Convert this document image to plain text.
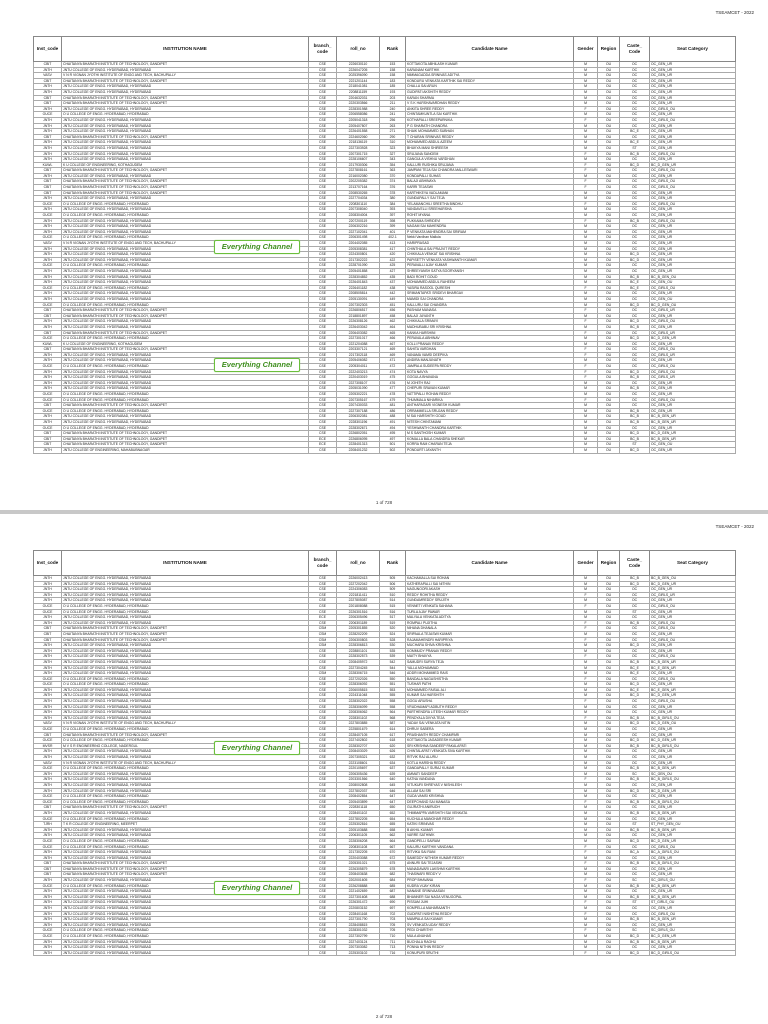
TSEAMCET - 2022
Inst_code	INSTITUTION NAME	branch_
code	roll_no	Rank	Candidate Name	Gender	Region	Caste_
Code	Seat Category
CBIT	CHAITANYA BHARATHI INSTITUTE OF TECHNOLOGY, GANDIPET	CSE	2226030110	153	KOTTAKOTA ABHILASH KUMAR	M	OU	OC	OC_GEN_UR
JNTH	JNTU COLLEGE OF ENGG. HYDERABAD, HYDERABAD	CSE	2226047205	158	KARANAM KARTHIK	M	OU	OC	OC_GEN_UR
VASV	V N R VIGNAN JYOTHI INSTITUTE OF ENGG AND TECH, BACHUPALLY	CSE	2025396090	158	NIMMAGADDA SRINIVAS ADITYA	M	OU	OC	OC_GEN_UR
CBIT	CHAITANYA BHARATHI INSTITUTE OF TECHNOLOGY, GANDIPET	CSE	2221201144	183	KONDURU VENKATA KARTHIK SAI REDDY	M	OU	OC	OC_GEN_UR
JNTH	JNTU COLLEGE OF ENGG. HYDERABAD, HYDERABAD	CSE	2218041081	185	CHALLA SAI ARUN	M	OU	OC	OC_GEN_UR
JNTH	JNTU COLLEGE OF ENGG. HYDERABAD, HYDERABAD	CSE	2208811159	193	GUDIPATI AKSHITH REDDY	M	OU	OC	OC_GEN_UR
CBIT	CHAITANYA BHARATHI INSTITUTE OF TECHNOLOGY, GANDIPET	CSE	2204632031	203	KARAN SHARMA	M	OU	OC	OC_GEN_UR
CBIT	CHAITANYA BHARATHI INSTITUTE OF TECHNOLOGY, GANDIPET	CSE	2220303566	211	V S K HARSHAVARDHAN REDDY	M	OU	OC	OC_GEN_UR
JNTH	JNTU COLLEGE OF ENGG. HYDERABAD, HYDERABAD	CSE	2228301988	240	ANKITA SHREE REDDY	F	OU	OC	OC_GIRLS_OU
OUCE	O U COLLEGE OF ENGG. HYDERABAD, HYDERABAD	CSE	2206558086	241	CHINTAMKUNTLA SAI KARTHIK	M	OU	OC	OC_GEN_UR
JNTH	JNTU COLLEGE OF ENGG. HYDERABAD, HYDERABAD	CSE	2205041318	256	KOTHAPALLI SREEPARNIKA	F	OU	OC	OC_GIRLS_OU
JNTH	JNTU COLLEGE OF ENGG. HYDERABAD, HYDERABAD	CSE	2205407807	263	P G SHARATH CHANDRA	M	OU	OC	OC_GEN_UR
JNTH	JNTU COLLEGE OF ENGG. HYDERABAD, HYDERABAD	CSE	2226401558	271	SHAIK MOHAMMED SUBHAN	M	OU	BC_E	OC_GEN_UR
CBIT	CHAITANYA BHARATHI INSTITUTE OF TECHNOLOGY, GANDIPET	CSE	2224602060	290	T CHARAN SRINIVAS REDDY	M	OU	OC	OC_GEN_UR
JNTH	JNTU COLLEGE OF ENGG. HYDERABAD, HYDERABAD	CSE	2218136119	310	MOHAMMED ABDUL AZEEM	M	OU	BC_E	OC_GEN_UR
JNTH	JNTU COLLEGE OF ENGG. HYDERABAD, HYDERABAD	CSE	2227303928	323	BHUKYA MANI SHIREESH	M	OU	ST	OC_GEN_UR
JNTH	JNTU COLLEGE OF ENGG. HYDERABAD, HYDERABAD	CSE	2207301715	327	SRUJANA SANGEM	F	OU	BC_B	OC_GIRLS_OU
JNTH	JNTU COLLEGE OF ENGG. HYDERABAD, HYDERABAD	CSE	2228106607	343	GANGULA VISHNU VARDHAN	M	OU	OC	OC_GEN_UR
KUWL	K U COLLEGE OF ENGINEERING, KOTHAGUDEM	CSE	2217930306	354	KALLURI RUSHIKA SRUJANA	F	OU	BC_D	BC_D_GEN_UR
CBIT	CHAITANYA BHARATHI INSTITUTE OF TECHNOLOGY, GANDIPET	CSE	2227808161	363	JAMPANI TEJA SAI CHANDRA MALLESWARI	F	OU	OC	OC_GIRLS_OU
JNTH	JNTU COLLEGE OF ENGG. HYDERABAD, HYDERABAD	CSE	2216002080	370	KONDAPALLI SUHAS	M	OU	OC	OC_GEN_UR
CBIT	CHAITANYA BHARATHI INSTITUTE OF TECHNOLOGY, GANDIPET	CSE	2202205382	374	BALAJI ABHINAYA	F	OU	OC	OC_GIRLS_OU
CBIT	CHAITANYA BHARATHI INSTITUTE OF TECHNOLOGY, GANDIPET	CSE	2213707164	376	KARRI TEJASWI	F	OU	OC	OC_GIRLS_OU
CBIT	CHAITANYA BHARATHI INSTITUTE OF TECHNOLOGY, GANDIPET	CSE	2208530265	378	KARTHIKEYA VADLAMANI	M	OU	OC	OC_GEN_UR
JNTH	JNTU COLLEGE OF ENGG. HYDERABAD, HYDERABAD	CSE	2227704034	380	GUNDAPALLY SAI TEJA	M	OU	OC	OC_GEN_UR
OUCE	O U COLLEGE OF ENGG. HYDERABAD, HYDERABAD	CSE	2208301110	384	YELAMANCHILI SREETHA BINDHU	F	OU	OC	OC_GIRLS_OU
JNTH	JNTU COLLEGE OF ENGG. HYDERABAD, HYDERABAD	CSE	2207308040	393	VANDAVELLI SREEHARSHA	M	OU	OC	OC_GEN_UR
OUCE	O U COLLEGE OF ENGG. HYDERABAD, HYDERABAD	CSE	2208304004	397	ROHIT MYANA	M	OU	OC	OC_GEN_UR
JNTH	JNTU COLLEGE OF ENGG. HYDERABAD, HYDERABAD	CSE	2207200119	398	PUKKAMA SHRIDEVI	F	OU	BC_B	OC_GIRLS_OU
JNTH	JNTU COLLEGE OF ENGG. HYDERABAD, HYDERABAD	CSE	2206302216	399	NAGAM SAI MAHENDRA	M	OU	OC	OC_GEN_UR
JNTH	JNTU COLLEGE OF ENGG. HYDERABAD, HYDERABAD	CSE	2227102041	401	P VENKATA MAHENDRA SAI SRIRAM	M	OU	OC	OC_GEN_UR
OUCE	O U COLLEGE OF ENGG. HYDERABAD, HYDERABAD	CSE	2206301498	402.1	Nekki Vardhan Mallula	M	OU	OC	OC_GEN_UR
VASV	V N R VIGNAN JYOTHI INSTITUTE OF ENGG AND TECH, BACHUPALLY	CSE	2204402085	413	HARIPRASAD	M	OU	OC	OC_GEN_UR
JNTH	JNTU COLLEGE OF ENGG. HYDERABAD, HYDERABAD	CSE	2205308381	417	CHINTHALA SAI PRAJVIT REDDY	M	OU	OC	OC_GEN_UR
JNTH	JNTU COLLEGE OF ENGG. HYDERABAD, HYDERABAD	CSE	2224300801	420	CHIKKALA VENKAT SAI KRISHNA	M	OU	BC_D	OC_GEN_UR
JNTH	JNTU COLLEGE OF ENGG. HYDERABAD, HYDERABAD	CSE	2217302222	422	PAPISETTY VENKATA YASHWANTH KUMAR	M	OU	BC_D	OC_GEN_UR
OUCE	O U COLLEGE OF ENGG. HYDERABAD, HYDERABAD	CSE	2228701090	425	PERAVALLI AJAY KUMAR	M	OU	OC	OC_GEN_UR
JNTH	JNTU COLLEGE OF ENGG. HYDERABAD, HYDERABAD	CSE	2205401858	427	SHREEYANSH SATYA SOORYANSH	M	OU	OC	OC_GEN_UR
JNTH	JNTU COLLEGE OF ENGG. HYDERABAD, HYDERABAD	CSE	2228304852	435	BADI ROHIT GOUD	M	OU	BC_B	BC_B_GEN_OU
JNTH	JNTU COLLEGE OF ENGG. HYDERABAD, HYDERABAD	CSE	2226401843	437	MOHAMMED ABDUL RAHEEM	M	OU	BC_E	OC_GEN_OU
OUCE	O U COLLEGE OF ENGG. HYDERABAD, HYDERABAD	CSE	2226401182	438	YASIRA RASOOL QURESHI	F	OU	BC_E	OC_GIRLS_OU
JNTH	JNTU COLLEGE OF ENGG. HYDERABAD, HYDERABAD	CSE	2208505814	442	SRIMANTAPATI SRIDEVI BHARGAV	M	OU	OC	OC_GEN_UR
JNTH	JNTU COLLEGE OF ENGG. HYDERABAD, HYDERABAD	CSE	2205130091	449	MAMIDI SAI CHANDRA	M	OU	OC	OC_GEN_OU
OUCE	O U COLLEGE OF ENGG. HYDERABAD, HYDERABAD	CSE	2207302303	451	KALLURU SAI CHANDRA	M	OU	BC_D	BC_D_GEN_OU
CBIT	CHAITANYA BHARATHI INSTITUTE OF TECHNOLOGY, GANDIPET	CSE	2226806517	456	PASHAM MANASA	F	OU	OC	OC_GIRLS_UR
CBIT	CHAITANYA BHARATHI INSTITUTE OF TECHNOLOGY, GANDIPET	CSE	2218801897	458	BALAJI JAYANTH	M	OU	OC	OC_GEN_UR
JNTH	JNTU COLLEGE OF ENGG. HYDERABAD, HYDERABAD	CSE	2226308126	462	CHIKKALA SRIMAYI	F	OU	BC_D	OC_GIRLS_OU
JNTH	JNTU COLLEGE OF ENGG. HYDERABAD, HYDERABAD	CSE	2226403042	464	MADHUBABU SRI KRISHNA	M	OU	BC_B	OC_GEN_UR
CBIT	CHAITANYA BHARATHI INSTITUTE OF TECHNOLOGY, GANDIPET	CSE	2206403082	465	KANKA HARSHINI	F	OU	OC	OC_GIRLS_UR
OUCE	O U COLLEGE OF ENGG. HYDERABAD, HYDERABAD	CSE	2227301017	466	PERAVALA ABHINAV	M	OU	BC_D	BC_D_GEN_UR
KUWL	K U COLLEGE OF ENGINEERING, KOTHAGUDEM	CSE	2221204088	467	KOLLI PRANAV REDDY	M	OU	OC	OC_GEN_UR
CBIT	CHAITANYA BHARATHI INSTITUTE OF TECHNOLOGY, GANDIPET	CSE	2203307121	469	SAHITA VARDHAN	F	OU	OC	OC_GIRLS_OU
JNTH	JNTU COLLEGE OF ENGG. HYDERABAD, HYDERABAD	CSE	2217302118	469	VANAMA VAMSI DEEPIKA	F	OU	OC	OC_GIRLS_UR
JNTH	JNTU COLLEGE OF ENGG. HYDERABAD, HYDERABAD	CSE	2205406082	471	ANDIRA MANJUNATH	M	OU	OC	OC_GEN_UR
OUCE	O U COLLEGE OF ENGG. HYDERABAD, HYDERABAD	CSE	2205304011	472	JAMPALA SUDEEPA REDDY	F	OU	OC	OC_GIRLS_OU
JNTH	JNTU COLLEGE OF ENGG. HYDERABAD, HYDERABAD	CSE	2222403213	474	KOTA NAVYA	F	OU	BC_D	OC_GIRLS_OU
JNTH	JNTU COLLEGE OF ENGG. HYDERABAD, HYDERABAD	CSE	2220403019	475	GOGULA BHAVANA	F	OU	BC_B	OC_GIRLS_UR
JNTH	JNTU COLLEGE OF ENGG. HYDERABAD, HYDERABAD	CSE	2227308107	476	M JOHITH RAJ	M	OU	OC	OC_GEN_UR
JNTH	JNTU COLLEGE OF ENGG. HYDERABAD, HYDERABAD	CSE	2205031090	477	CHEPURI SRAVAN KUMAR	M	OU	BC_B	OC_GEN_UR
OUCE	O U COLLEGE OF ENGG. HYDERABAD, HYDERABAD	CSE	2205302221	478	VATTIPALLI ROHAN REDDY	M	OU	OC	OC_GEN_UR
OUCE	O U COLLEGE OF ENGG. HYDERABAD, HYDERABAD	CSE	2207305167	479	THUMMALA NIHARIKA	F	OU	OC	OC_GIRLS_OU
CBIT	CHAITANYA BHARATHI INSTITUTE OF TECHNOLOGY, GANDIPET	CSE	2207430033	481	ANTHAPAGARI VIGNESH KUMAR	M	OU	OC	OC_GEN_UR
OUCE	O U COLLEGE OF ENGG. HYDERABAD, HYDERABAD	CSE	2227307188	486	ORRAMMELLA SRUJAN REDDY	M	OU	BC_B	OC_GEN_UR
JNTH	JNTU COLLEGE OF ENGG. HYDERABAD, HYDERABAD	CSE	2206302081	488	M SAI HARSHITH GOUD	M	OU	BC_B	BC_B_GEN_UR
JNTH	JNTU COLLEGE OF ENGG. HYDERABAD, HYDERABAD	CSE	2228301196	491	NITESH CHINTAMANI	M	OU	BC_B	BC_B_GEN_UR
OUCE	O U COLLEGE OF ENGG. HYDERABAD, HYDERABAD	CSE	2228302671	494	YESHWANTH CHANDRA KARTHIK	M	OU	OC	OC_GEN_UR
CBIT	CHAITANYA BHARATHI INSTITUTE OF TECHNOLOGY, GANDIPET	CSE	2226802051	495	M S SANTHOSH KUMAR	M	OU	BC_D	BC_D_GEN_UR
CBIT	CHAITANYA BHARATHI INSTITUTE OF TECHNOLOGY, GANDIPET	ECE	2226806095	497	KOMALLA BALA CHANDRA SHEKAR	M	OU	BC_B	BC_B_GEN_UR
CBIT	CHAITANYA BHARATHI INSTITUTE OF TECHNOLOGY, GANDIPET	ECE	2228401313	501	KORRA RAM CHARAN TEJA	M	OU	ST	OC_GEN_OU
JNTH	JNTU COLLEGE OF ENGINEERING, MAHABUBNAGAR	CSE	2208401232	502	PONDURTI JAYANTH	M	OU	BC_D	OC_GEN_UR
Everything Channel
Everything Channel
1 of 728
TSEAMCET - 2022
Inst_code	INSTITUTION NAME	branch_
code	roll_no	Rank	Candidate Name	Gender	Region	Caste_
Code	Seat Category
JNTH	JNTU COLLEGE OF ENGG. HYDERABAD, HYDERABAD	CSE	2226002413	505	KACHAMALLA SAI ROHAN	M	OU	BC_B	BC_B_GEN_OU
JNTH	JNTU COLLEGE OF ENGG. HYDERABAD, HYDERABAD	CSE	2227202042	506	KATHERAPALLI SAI NITHIN	M	OU	BC_D	BC_D_GEN_UR
JNTH	JNTU COLLEGE OF ENGG. HYDERABAD, HYDERABAD	CSE	2224306083	509	NAGUNOORI AKASH	M	OU	OC	OC_GEN_UR
JNTH	JNTU COLLEGE OF ENGG. HYDERABAD, HYDERABAD	CSE	2221811411	510	REDDY ROHITHA REDDY	F	OU	OC	OC_GIRLS_UR
JNTH	JNTU COLLEGE OF ENGG. HYDERABAD, HYDERABAD	CSE	2227805087	514	GUNDAMREDDY SRUJITH	M	OU	OC	OC_GEN_UR
OUCE	O U COLLEGE OF ENGG. HYDERABAD, HYDERABAD	CSE	2201808088	515	VENNETI VENKATA SAHANA	F	OU	OC	OC_GIRLS_OU
OUCE	O U COLLEGE OF ENGG. HYDERABAD, HYDERABAD	CSE	2226301516	516	TURLA AJAY PAWAR	M	OU	ST	OC_GEN_UR
JNTH	JNTU COLLEGE OF ENGG. HYDERABAD, HYDERABAD	ECE	2206305496	517	MALYALA VENKATA ADITYA	M	OU	OC	OC_GEN_UR
JNTH	JNTU COLLEGE OF ENGG. HYDERABAD, HYDERABAD	CSE	2206301189	519	ROMPALI PUJITHA	F	OU	BC_B	OC_GIRLS_OU
CBIT	CHAITANYA BHARATHI INSTITUTE OF TECHNOLOGY, GANDIPET	CSM	2205301855	520	NIHANA DHANALA	F	OU	OC	OC_GIRLS_OU
CBIT	CHAITANYA BHARATHI INSTITUTE OF TECHNOLOGY, GANDIPET	CSM	2228202209	524	SRIPAALA TEJASWI KUMAR	M	OU	OC	OC_GEN_UR
CBIT	CHAITANYA BHARATHI INSTITUTE OF TECHNOLOGY, GANDIPET	CSM	2206300803	528	RAJAMAHENDRI HARIPRIYA	F	OU	OC	OC_GIRLS_OU
JNTH	JNTU COLLEGE OF ENGG. HYDERABAD, HYDERABAD	CSM	2228306813	530	MUCHARA SHIVA KRISHNA	M	OU	BC_D	OC_GEN_UR
JNTH	JNTU COLLEGE OF ENGG. HYDERABAD, HYDERABAD	CSE	2228801101	535	KOMMUDY PRANAV REDDY	M	OU	OC	OC_GEN_UR
JNTH	JNTU COLLEGE OF ENGG. HYDERABAD, HYDERABAD	CSE	2228302573	539	MAITY BHAVYA	F	OU	OC	OC_GIRLS_OU
JNTH	JNTU COLLEGE OF ENGG. HYDERABAD, HYDERABAD	CSE	2208405972	542	SAMUDRI SURYA TEJA	M	OU	BC_B	BC_B_GEN_UR
JNTH	JNTU COLLEGE OF ENGG. HYDERABAD, HYDERABAD	CSE	2227304245	544	YALLA MOHAMMAD	M	OU	BC_E	BC_E_GEN_UR
JNTH	JNTU COLLEGE OF ENGG. HYDERABAD, HYDERABAD	CSM	2228306715	546	ADDRI MOHAMMED RAIS	M	OU	BC_E	OC_GEN_UR
OUCE	O U COLLEGE OF ENGG. HYDERABAD, HYDERABAD	CSE	2227202026	550	BANDALA NAGASHISTHA	F	OU	OC	OC_GIRLS_OU
OUCE	O U COLLEGE OF ENGG. HYDERABAD, HYDERABAD	CSE	2228306092	551	TUSHAR PATHI	M	OU	BC_D	OC_GEN_UR
JNTH	JNTU COLLEGE OF ENGG. HYDERABAD, HYDERABAD	CSE	2206005815	553	MOHAMMED FAISAL ALI	M	OU	BC_E	BC_E_GEN_UR
JNTH	JNTU COLLEGE OF ENGG. HYDERABAD, HYDERABAD	CSE	2224311048	555	KUMAR SAI HARSHITH	M	OU	BC_D	BC_D_GEN_UR
JNTH	JNTU COLLEGE OF ENGG. HYDERABAD, HYDERABAD	CSE	2228302022	558	GOGU ARUSHA	F	OU	OC	OC_GIRLS_OU
JNTH	JNTU COLLEGE OF ENGG. HYDERABAD, HYDERABAD	CSE	2228306099	558	VRUDHAMAPI ADBUTH REDDY	M	OU	OC	OC_GEN_UR
JNTH	JNTU COLLEGE OF ENGG. HYDERABAD, HYDERABAD	CSE	2208306062	564	PARTHENDRA LITESH KUMAR REDDY	M	OU	OC	OC_GEN_UR
JNTH	JNTU COLLEGE OF ENGG. HYDERABAD, HYDERABAD	CSE	2228301102	568	PENDYALA DIVYA TEJA	F	OU	BC_B	BC_B_GIRLS_OU
VASV	V N R VIGNAN JYOTHI INSTITUTE OF ENGG AND TECH, BACHUPALLY	CSE	2227803885	587	YADAV SAI VENKATA NITIN	M	OU	BC_D	BC_D_GEN_OU
OUCE	O U COLLEGE OF ENGG. HYDERABAD, HYDERABAD	CSE	2225801679	614	DHRUV SABERA	M	OU	OC	OC_GEN_UR
CBIT	CHAITANYA BHARATHI INSTITUTE OF TECHNOLOGY, GANDIPET	CSE	2228407105	617	PRASHANTH REDDY CHAMPARI	M	OU	OC	OC_GEN_UR
OUCE	O U COLLEGE OF ENGG. HYDERABAD, HYDERABAD	CSE	2227402802	618	KOTTAKOTA JAGADEESH KUMAR	M	OU	BC_D	BC_D_GEN_UR
MVSR	M V S R ENGINEERING COLLEGE, NADERGUL	CSE	2228302707	620	SRI KRISHNA SANDEEP PAKALAPATI	M	OU	BC_B	BC_B_GIRLS_OU
JNTH	JNTU COLLEGE OF ENGG. HYDERABAD, HYDERABAD	CSE	2208403029	626	CHINTALAPATI VENKATA SIVA KARTHIK	M	OU	OC	OC_GEN_UR
JNTH	JNTU COLLEGE OF ENGG. HYDERABAD, HYDERABAD	CSE	2207305321	632	RITVIK RAJ ALURU	M	OU	OC	OC_GEN_UR
VASV	V N R VIGNAN JYOTHI INSTITUTE OF ENGG AND TECH, BACHUPALLY	CSE	2223108601	634	KOTLA HARSHA REDDY	M	OU	OC	OC_GEN_UR
OUCE	O U COLLEGE OF ENGG. HYDERABAD, HYDERABAD	CSE	2220105697	637	GANDAPALLY SURAJ KUMAR	M	OU	BC_B	BC_B_GEN_UR
JNTH	JNTU COLLEGE OF ENGG. HYDERABAD, HYDERABAD	CSE	2206305436	639	AMMATI SANDEEP	M	OU	SC	SC_GEN_OU
JNTH	JNTU COLLEGE OF ENGG. HYDERABAD, HYDERABAD	CSE	2203301566	640	KATNA VANDANA	F	OU	BC_B	BC_B_GIRLS_OU
JNTH	JNTU COLLEGE OF ENGG. HYDERABAD, HYDERABAD	CSE	2208002808	645	VITUKURI SHREYAS V NISHILESH	M	OU	OC	OC_GEN_UR
JNTH	JNTU COLLEGE OF ENGG. HYDERABAD, HYDERABAD	CSE	2227802037	646	ALLAM SAI SRI	M	OU	BC_D	BC_D_GEN_UR
OUCE	O U COLLEGE OF ENGG. HYDERABAD, HYDERABAD	CSE	2208402854	647	GUDA VAMSI KRISHNA	M	OU	OC	OC_GEN_UR
OUCE	O U COLLEGE OF ENGG. HYDERABAD, HYDERABAD	CSE	2205403899	647	DEEPCHAND SAI MANASA	F	OU	BC_B	BC_B_GIRLS_OU
CBIT	CHAITANYA BHARATHI INSTITUTE OF TECHNOLOGY, GANDIPET	CSE	2228301118	650	GUJRATHI ANIRUDH	M	OU	OC	OC_GEN_UR
JNTH	JNTU COLLEGE OF ENGG. HYDERABAD, HYDERABAD	CSE	2228401102	652	THIMMAPPA VARSHITH SAI VENKATA	M	OU	BC_B	BC_B_GEN_UR
OUCE	O U COLLEGE OF ENGG. HYDERABAD, HYDERABAD	CSE	2227802205	654	KUCHULA MANOHAR REDDY	M	OU	OC	OC_GEN_UR
TJRH	T K R COLLEGE OF ENGINEERING, MEERPET	CSE	2225302816	655	KATIKI SRINIVAS	M	OU	ST	ST_PHY_GEN_OU
JNTH	JNTU COLLEGE OF ENGG. HYDERABAD, HYDERABAD	CSE	2205103688	658	B AKHIL KUMAR	M	OU	BC_B	BC_B_GEN_UR
JNTH	JNTU COLLEGE OF ENGG. HYDERABAD, HYDERABAD	CSE	2206301105	662	VARRE SATHWIK	M	OU	OC	OC_GEN_UR
OUCE	O U COLLEGE OF ENGG. HYDERABAD, HYDERABAD	CSE	2228306208	664	GANDPELLI SAIRAM	M	OU	BC_D	BC_D_GEN_UR
OUCE	O U COLLEGE OF ENGG. HYDERABAD, HYDERABAD	CSE	2208301108	667	KALURU KARTHIK VANDANA	F	OU	OC	OC_GIRLS_OU
JNTH	JNTU COLLEGE OF ENGG. HYDERABAD, HYDERABAD	CSE	2217302205	670	RITVIKA SAI RANI	F	OU	BC_A	BC_A_GIRLS_OU
JNTH	JNTU COLLEGE OF ENGG. HYDERABAD, HYDERABAD	CSE	2220403088	672	SAMEDDY NITHISH KUMAR REDDY	M	OU	OC	OC_GEN_UR
CBIT	CHAITANYA BHARATHI INSTITUTE OF TECHNOLOGY, GANDIPET	CSE	2205301021	675	ANNURI SAI TEJASWI	F	OU	BC_B	BC_B_GIRLS_OU
CBIT	CHAITANYA BHARATHI INSTITUTE OF TECHNOLOGY, GANDIPET	CSE	2226305879	678	MANADAVARI LAKSHMI KARTHIK	M	OU	OC	OC_GEN_UR
CBIT	CHAITANYA BHARATHI INSTITUTE OF TECHNOLOGY, GANDIPET	CSE	2208403638	682	THASWARI REDDY V	M	OU	OC	OC_GEN_UR
JNTH	JNTU COLLEGE OF ENGG. HYDERABAD, HYDERABAD	CSE	2202001605	684	PROP BHAVANA	F	OU	SC	SC_GIRLS_OU
OUCE	O U COLLEGE OF ENGG. HYDERABAD, HYDERABAD	CSE	2226208888	685	KUDRA VIJAY KIRAN	M	OU	BC_B	BC_B_GEN_UR
JNTH	JNTU COLLEGE OF ENGG. HYDERABAD, HYDERABAD	CSE	2221402659	687	NANANE SRINIVAASAN	M	OU	OC	OC_GEN_UR
JNTH	JNTU COLLEGE OF ENGG. HYDERABAD, HYDERABAD	CSE	2227301608	688	BHANNER SAI NAGA VENUGOPAL	M	OU	BC_B	BC_B_GEN_UR
JNTH	JNTU COLLEGE OF ENGG. HYDERABAD, HYDERABAD	CSE	2226301472	690	PISSAM JUHI	F	OU	ST	ST_GIRLS_OU
JNTH	JNTU COLLEGE OF ENGG. HYDERABAD, HYDERABAD	CSE	2220803152	697	KOMPELLA MAHARAANTH	M	OU	OC	OC_GEN_UR
JNTH	JNTU COLLEGE OF ENGG. HYDERABAD, HYDERABAD	CSE	2228401168	702	GUDIPATI NISHITHA REDDY	F	OU	OC	OC_GIRLS_OU
JNTH	JNTU COLLEGE OF ENGG. HYDERABAD, HYDERABAD	CSE	2227301790	703	MAMPALA SAI KUMAR	M	OU	BC_B	BC_B_GEN_UR
JNTH	JNTU COLLEGE OF ENGG. HYDERABAD, HYDERABAD	CSE	2228408815	705	SV VENKATA UDAY REDDY	M	OU	OC	OC_GEN_UR
OUCE	O U COLLEGE OF ENGG. HYDERABAD, HYDERABAD	CSE	2228301032	705	PEDI CHARITHY	F	OU	SC	SC_GIRLS_OU
OUCE	O U COLLEGE OF ENGG. HYDERABAD, HYDERABAD	CSE	2227302799	710	MULA ANUHAS	M	OU	BC_D	BC_D_GEN_UR
JNTH	JNTU COLLEGE OF ENGG. HYDERABAD, HYDERABAD	CSE	2227403124	711	BUCHALA RAGHU	M	OU	BC_B	BC_B_GEN_UR
JNTH	JNTU COLLEGE OF ENGG. HYDERABAD, HYDERABAD	CSE	2207303082	713	PONNA NITHIN REDDY	M	OU	OC	OC_GEN_UR
JNTH	JNTU COLLEGE OF ENGG. HYDERABAD, HYDERABAD	CSE	2225303102	716	KONUPURI SRUTHI	F	OU	BC_D	BC_D_GIRLS_OU
Everything Channel
Everything Channel
2 of 728
